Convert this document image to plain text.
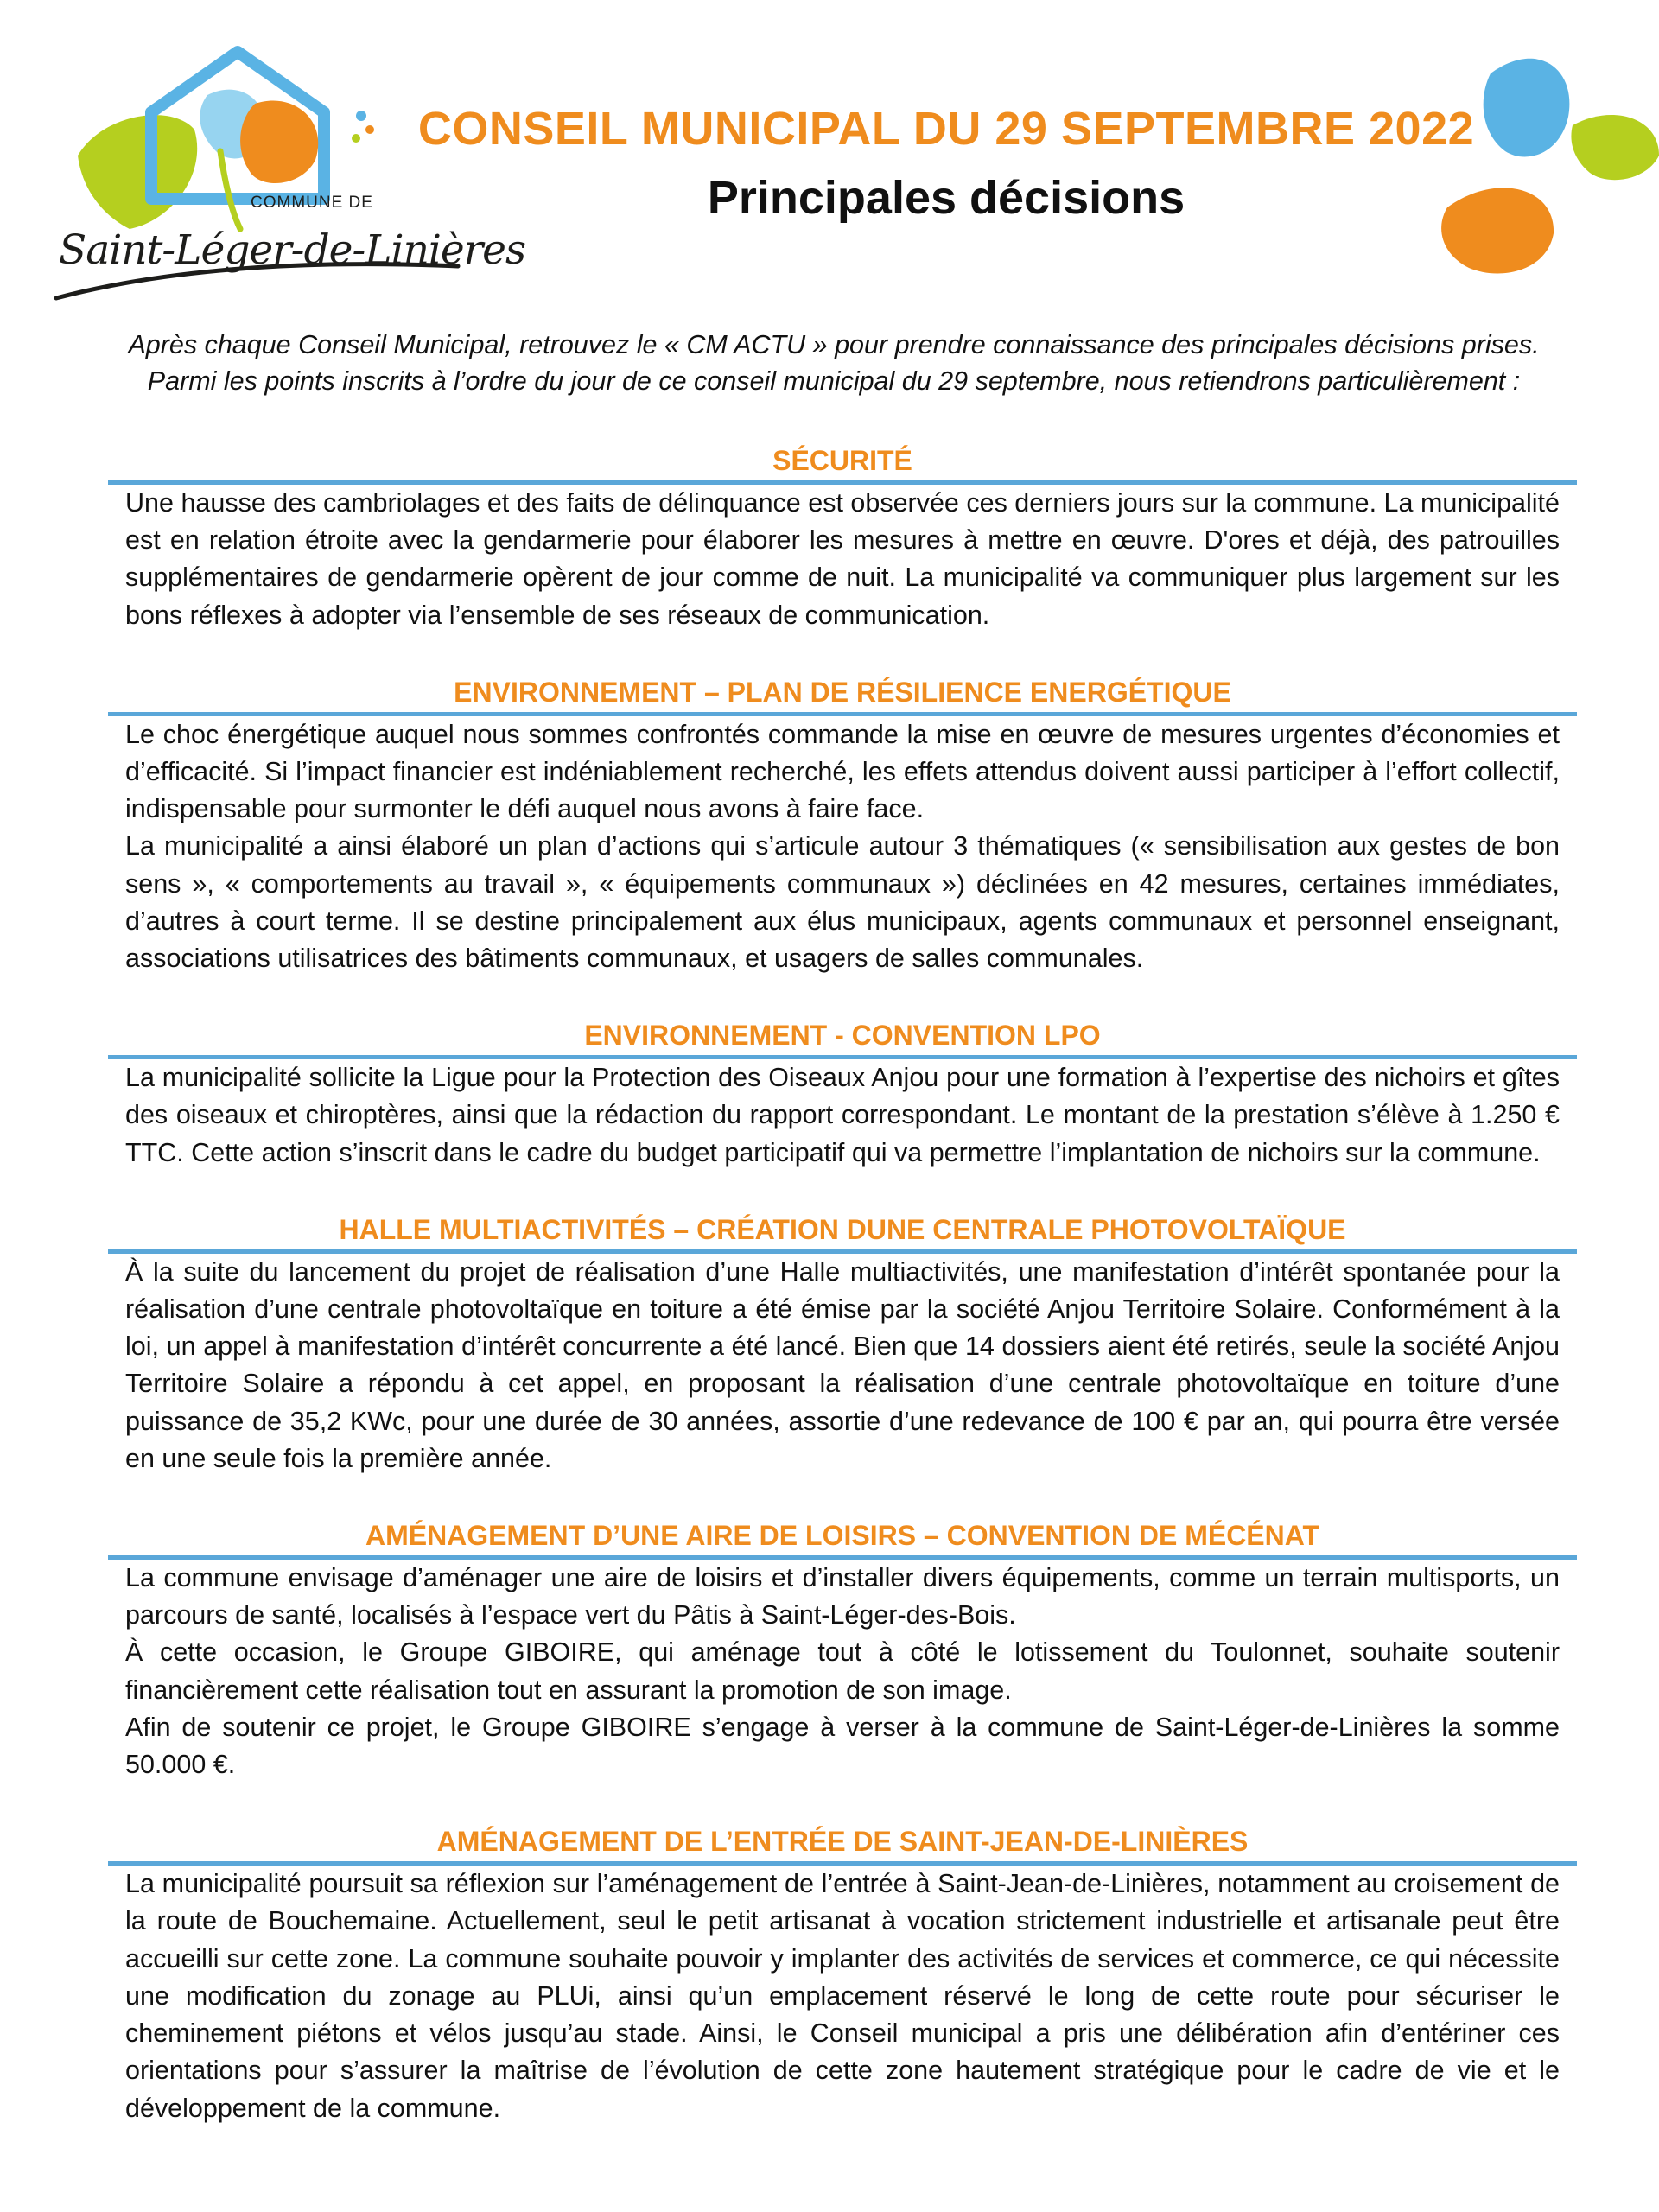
COMMUNE DE
Saint-Léger-de-Linières
CONSEIL MUNICIPAL DU 29 SEPTEMBRE 2022
Principales décisions

Après chaque Conseil Municipal, retrouvez le « CM ACTU » pour prendre connaissance des principales décisions prises.

Parmi les points inscrits à l’ordre du jour de ce conseil municipal du 29 septembre, nous retiendrons particulièrement :

SÉCURITÉ

Une hausse des cambriolages et des faits de délinquance est observée ces derniers jours sur la commune. La municipalité est en relation étroite avec la gendarmerie pour élaborer les mesures à mettre en œuvre. D'ores et déjà, des patrouilles supplémentaires de gendarmerie opèrent de jour comme de nuit. La municipalité va communiquer plus largement sur les bons réflexes à adopter via l’ensemble de ses réseaux de communication.

ENVIRONNEMENT – PLAN DE RÉSILIENCE ENERGÉTIQUE

Le choc énergétique auquel nous sommes confrontés commande la mise en œuvre de mesures urgentes d’économies et d’efficacité. Si l’impact financier est indéniablement recherché, les effets attendus doivent aussi participer à l’effort collectif, indispensable pour surmonter le défi auquel nous avons à faire face.

La municipalité a ainsi élaboré un plan d’actions qui s’articule autour 3 thématiques (« sensibilisation aux gestes de bon sens », « comportements au travail », « équipements communaux ») déclinées en 42 mesures, certaines immédiates, d’autres à court terme. Il se destine principalement aux élus municipaux, agents communaux et personnel enseignant, associations utilisatrices des bâtiments communaux, et usagers de salles communales.

ENVIRONNEMENT - CONVENTION LPO

La municipalité sollicite la Ligue pour la Protection des Oiseaux Anjou pour une formation à l’expertise des nichoirs et gîtes des oiseaux et chiroptères, ainsi que la rédaction du rapport correspondant. Le montant de la prestation s’élève à 1.250 € TTC. Cette action s’inscrit dans le cadre du budget participatif qui va permettre l’implantation de nichoirs sur la commune.

HALLE MULTIACTIVITÉS – CRÉATION DUNE CENTRALE PHOTOVOLTAÏQUE

À la suite du lancement du projet de réalisation d’une Halle multiactivités, une manifestation d’intérêt spontanée pour la réalisation d’une centrale photovoltaïque en toiture a été émise par la société Anjou Territoire Solaire. Conformément à la loi, un appel à manifestation d’intérêt concurrente a été lancé. Bien que 14 dossiers aient été retirés, seule la société Anjou Territoire Solaire a répondu à cet appel, en proposant la réalisation d’une centrale photovoltaïque en toiture d’une puissance de 35,2 KWc, pour une durée de 30 années, assortie d’une redevance de 100 € par an, qui pourra être versée en une seule fois la première année.

AMÉNAGEMENT D’UNE AIRE DE LOISIRS – CONVENTION DE MÉCÉNAT

La commune envisage d’aménager une aire de loisirs et d’installer divers équipements, comme un terrain multisports, un parcours de santé, localisés à l’espace vert du Pâtis à Saint-Léger-des-Bois.

À cette occasion, le Groupe GIBOIRE, qui aménage tout à côté le lotissement du Toulonnet, souhaite soutenir financièrement cette réalisation tout en assurant la promotion de son image.

Afin de soutenir ce projet, le Groupe GIBOIRE s’engage à verser à la commune de Saint-Léger-de-Linières la somme 50.000 €.

AMÉNAGEMENT DE L’ENTRÉE DE SAINT-JEAN-DE-LINIÈRES

La municipalité poursuit sa réflexion sur l’aménagement de l’entrée à Saint-Jean-de-Linières, notamment au croisement de la route de Bouchemaine. Actuellement, seul le petit artisanat à vocation strictement industrielle et artisanale peut être accueilli sur cette zone. La commune souhaite pouvoir y implanter des activités de services et commerce, ce qui nécessite une modification du zonage au PLUi, ainsi qu’un emplacement réservé le long de cette route pour sécuriser le cheminement piétons et vélos jusqu’au stade. Ainsi, le Conseil municipal a pris une délibération afin d’entériner ces orientations pour s’assurer la maîtrise de l’évolution de cette zone hautement stratégique pour le cadre de vie et le développement de la commune.
